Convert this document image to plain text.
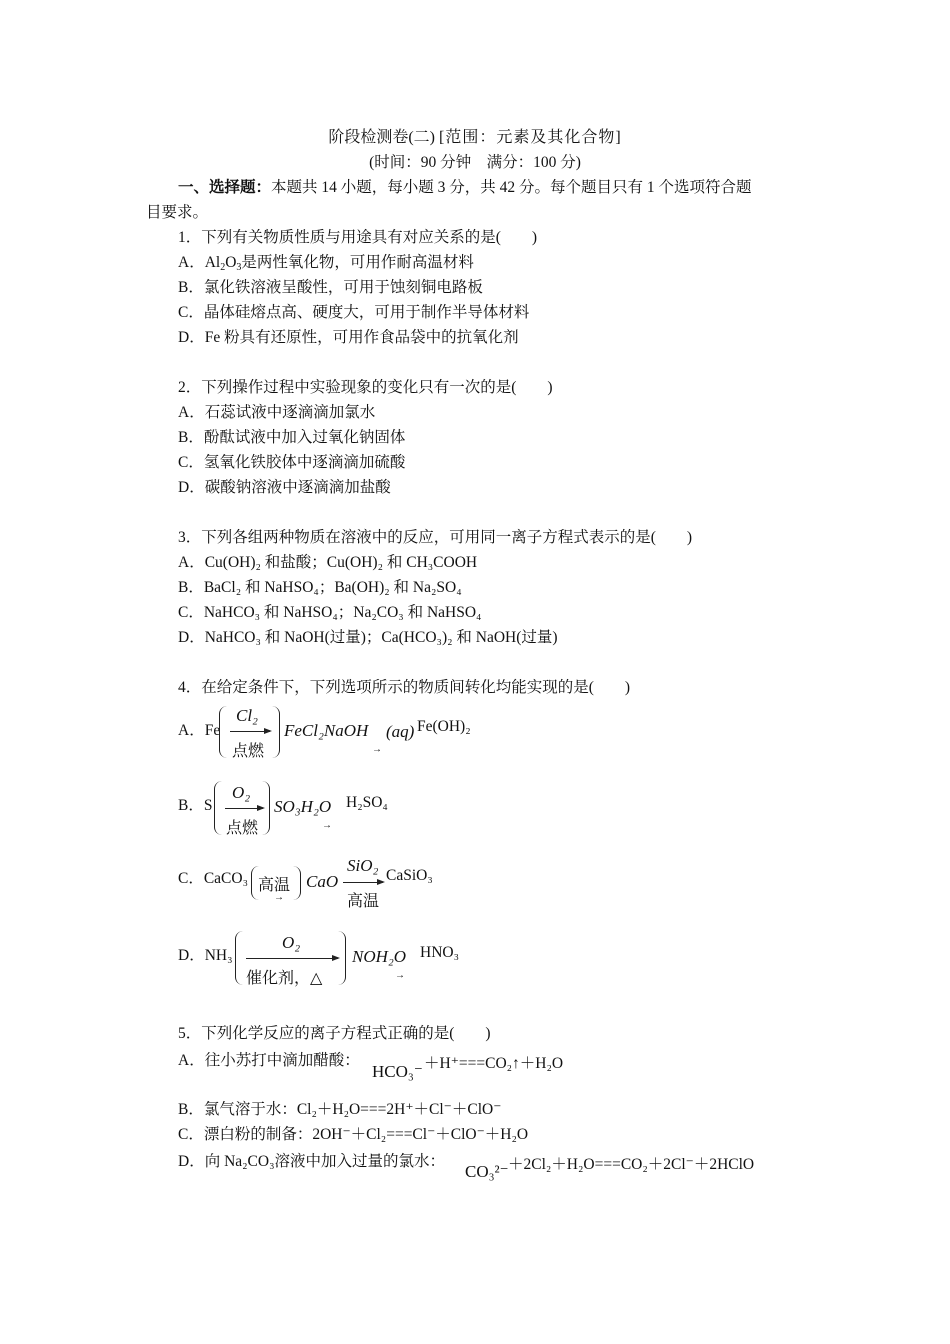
阶段检测卷(二) [范围：元素及其化合物]
(时间：90 分钟　满分：100 分)
一、选择题：本题共 14 小题，每小题 3 分，共 42 分。每个题目只有 1 个选项符合题
目要求。
1．下列有关物质性质与用途具有对应关系的是(　　)
A．$Al_2O_3$是两性氧化物，可用作耐高温材料
B．氯化铁溶液呈酸性，可用于蚀刻铜电路板
C．晶体硅熔点高、硬度大，可用于制作半导体材料
D．Fe 粉具有还原性，可用作食品袋中的抗氧化剂
2．下列操作过程中实验现象的变化只有一次的是(　　)
A．石蕊试液中逐滴滴加氯水
B．酚酞试液中加入过氧化钠固体
C．氢氧化铁胶体中逐滴滴加硫酸
D．碳酸钠溶液中逐滴滴加盐酸
3．下列各组两种物质在溶液中的反应，可用同一离子方程式表示的是(　　)
A．Cu(OH)₂ 和盐酸；Cu(OH)₂ 和 CH₃COOH
B．BaCl₂ 和 NaHSO₄；Ba(OH)₂ 和 Na₂SO₄
C．NaHCO₃ 和 NaHSO₄；Na₂CO₃ 和 NaHSO₄
D．NaHCO₃ 和 NaOH(过量)；Ca(HCO₃)₂ 和 NaOH(过量)
4．在给定条件下，下列选项所示的物质间转化均能实现的是(　　)
A．Fe
Cl₂
点燃
FeCl₂NaOH (aq)
→
Fe(OH)₂
B．S
O₂
点燃
SO₃H₂O
→
H₂SO₄
C．CaCO₃ 高温
→
CaO
SiO₂
高温
CaSiO₃
D．NH₃
O₂
催化剂，△
NOH₂O
→
HNO₃
5．下列化学反应的离子方程式正确的是(　　)
A．往小苏打中滴加醋酸：
HCO₃⁻ ＋H⁺===CO₂↑＋H₂O
B．氯气溶于水：Cl₂＋H₂O===2H⁺＋Cl⁻＋ClO⁻
C．漂白粉的制备：2OH⁻＋Cl₂===Cl⁻＋ClO⁻＋H₂O
D．向 Na₂CO₃溶液中加入过量的氯水：
CO₃²⁻ ＋2Cl₂＋H₂O===CO₂＋2Cl⁻＋2HClO
